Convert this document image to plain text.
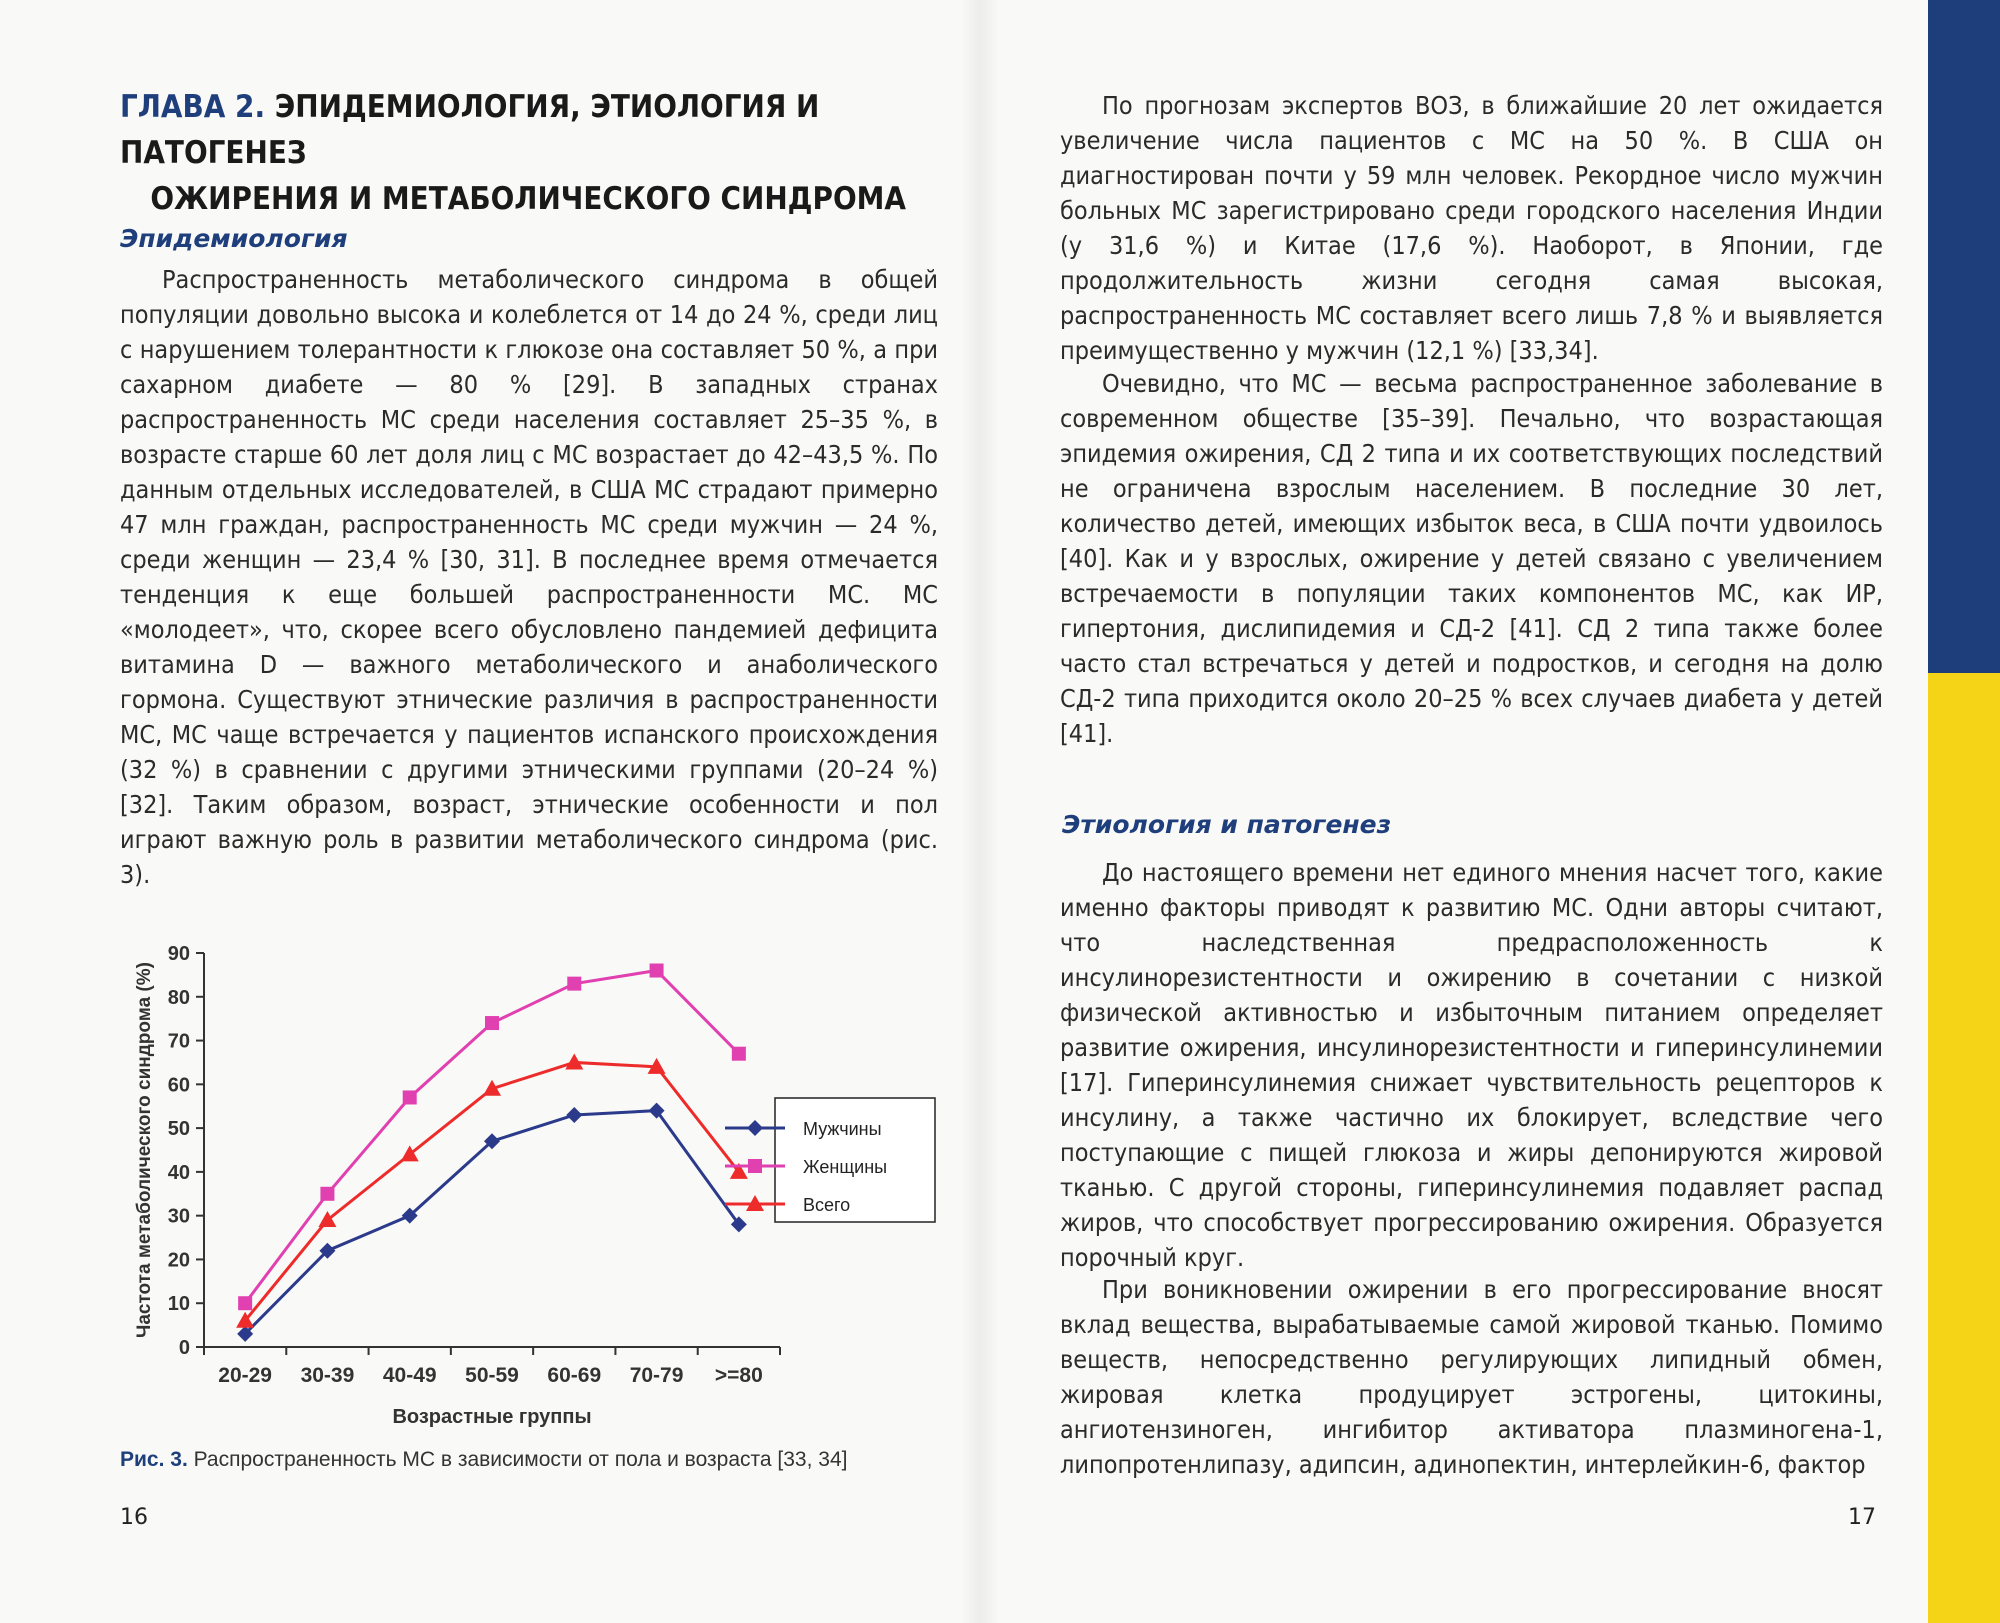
ГЛАВА 2. ЭПИДЕМИОЛОГИЯ, ЭТИОЛОГИЯ И ПАТОГЕНЕЗ
ОЖИРЕНИЯ И МЕТАБОЛИЧЕСКОГО СИНДРОМА
Эпидемиология

Распространенность метаболического синдрома в общей популяции довольно высока и колеблется от 14 до 24 %, среди лиц с нарушением толерантности к глюкозе она составляет 50 %, а при сахарном диабете — 80 % [29]. В западных странах распространенность МС среди населения составляет 25–35 %, в возрасте старше 60 лет доля лиц с МС возрастает до 42–43,5 %. По данным отдельных исследователей, в США МС страдают примерно 47 млн граждан, распространенность МС среди мужчин — 24 %, среди женщин — 23,4 % [30, 31]. В последнее время отмечается тенденция к еще большей распространенности МС. МС «молодеет», что, скорее всего обусловлено пандемией дефицита витамина D — важного метаболического и анаболического гормона. Существуют этнические различия в распространенности МС, МС чаще встречается у пациентов испанского происхождения (32 %) в сравнении с другими этническими группами (20–24 %) [32]. Таким образом, возраст, этнические особенности и пол играют важную роль в развитии метаболического синдрома (рис. 3).

0
10
20
30
40
50
60
70
80
90
20-29 30-39 40-49 50-59 60-69 70-79 >=80
Возрастные группы
Частота метаболического синдрома (%)	Мужчины
Женщины
Всего
Рис. 3. Распространенность МС в зависимости от пола и возраста [33, 34]
16

По прогнозам экспертов ВОЗ, в ближайшие 20 лет ожидается увеличение числа пациентов с МС на 50 %. В США он диагностирован почти у 59 млн человек. Рекордное число мужчин больных МС зарегистрировано среди городского населения Индии (у 31,6 %) и Китае (17,6 %). Наоборот, в Японии, где продолжительность жизни сегодня самая высокая, распространенность МС составляет всего лишь 7,8 % и выявляется преимущественно у мужчин (12,1 %) [33,34].

Очевидно, что МС — весьма распространенное заболевание в современном обществе [35–39]. Печально, что возрастающая эпидемия ожирения, СД 2 типа и их соответствующих последствий не ограничена взрослым населением. В последние 30 лет, количество детей, имеющих избыток веса, в США почти удвоилось [40]. Как и у взрослых, ожирение у детей связано с увеличением встречаемости в популяции таких компонентов МС, как ИР, гипертония, дислипидемия и СД-2 [41]. СД 2 типа также более часто стал встречаться у детей и подростков, и сегодня на долю СД-2 типа приходится около 20–25 % всех случаев диабета у детей [41].

Этиология и патогенез

До настоящего времени нет единого мнения насчет того, какие именно факторы приводят к развитию МС. Одни авторы считают, что наследственная предрасположенность к инсулинорезистентности и ожирению в сочетании с низкой физической активностью и избыточным питанием определяет развитие ожирения, инсулинорезистентности и гиперинсулинемии [17]. Гиперинсулинемия снижает чувствительность рецепторов к инсулину, а также частично их блокирует, вследствие чего поступающие с пищей глюкоза и жиры депонируются жировой тканью. С другой стороны, гиперинсулинемия подавляет распад жиров, что способствует прогрессированию ожирения. Образуется порочный круг.

При воникновении ожирении в его прогрессирование вносят вклад вещества, вырабатываемые самой жировой тканью. Помимо веществ, непосредственно регулирующих липидный обмен, жировая клетка продуцирует эстрогены, цитокины, ангиотензиноген, ингибитор активатора плазминогена-1, липопротенлипазу, адипсин, адинопектин, интерлейкин-6, фактор

17
